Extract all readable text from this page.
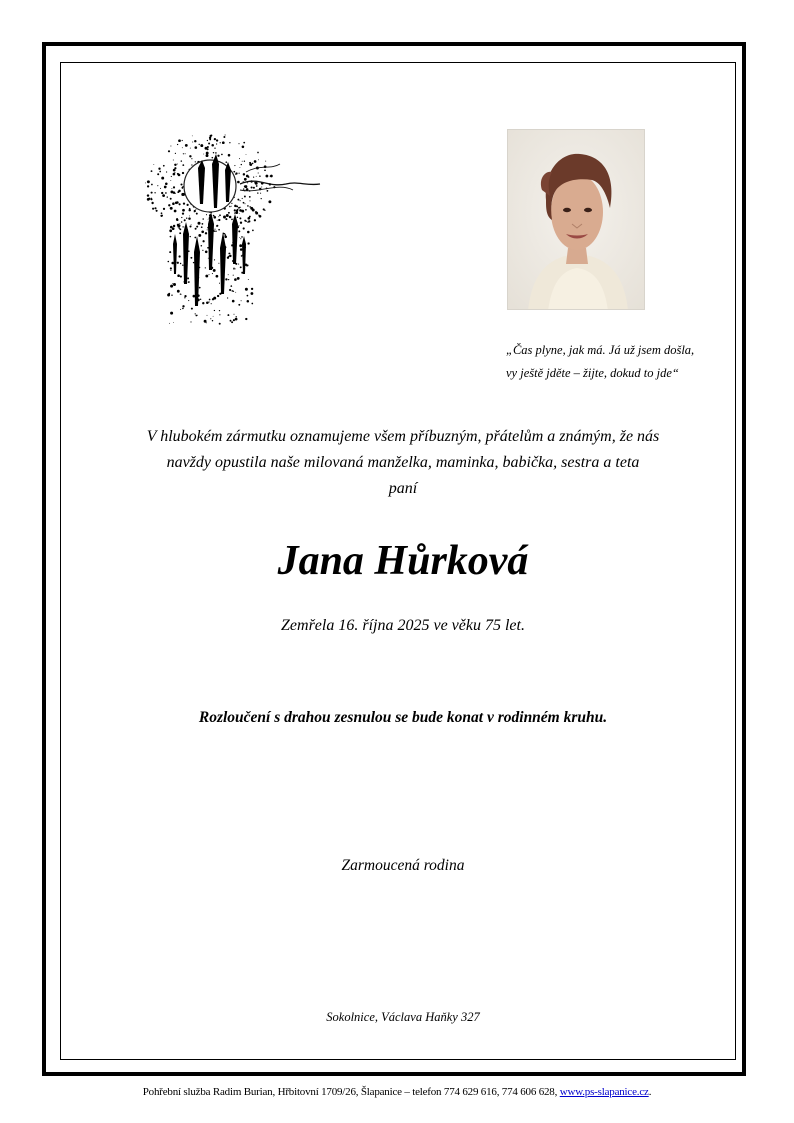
„Čas plyne, jak má. Já už jsem došla,
vy ještě jděte – žijte, dokud to jde“
V hlubokém zármutku oznamujeme všem příbuzným, přátelům a známým, že nás
navždy opustila naše milovaná manželka, maminka, babička, sestra a teta
paní
Jana Hůrková
Zemřela 16. října 2025 ve věku 75 let.
Rozloučení s drahou zesnulou se bude konat v rodinném kruhu.
Zarmoucená rodina
Sokolnice, Václava Haňky 327
Pohřební služba Radim Burian, Hřbitovní 1709/26, Šlapanice – telefon 774 629 616, 774 606 628, www.ps-slapanice.cz.
